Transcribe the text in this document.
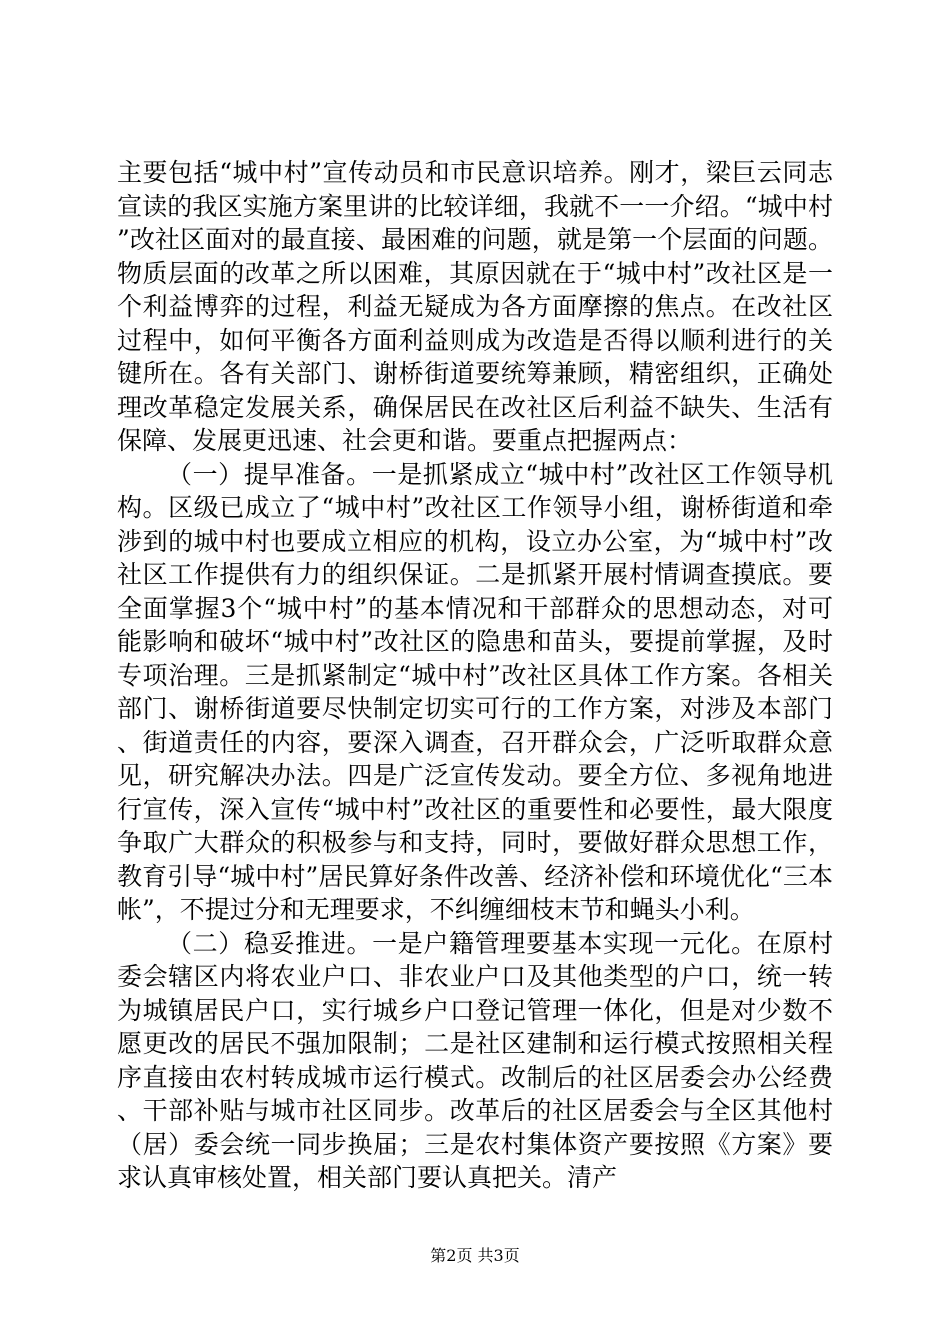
主要包括“城中村”宣传动员和市民意识培养。刚才，梁巨云同志宣读的我区实施方案里讲的比较详细，我就不一一介绍。“城中村”改社区面对的最直接、最困难的问题，就是第一个层面的问题。物质层面的改革之所以困难，其原因就在于“城中村”改社区是一个利益博弈的过程，利益无疑成为各方面摩擦的焦点。在改社区过程中，如何平衡各方面利益则成为改造是否得以顺利进行的关键所在。各有关部门、谢桥街道要统筹兼顾，精密组织，正确处理改革稳定发展关系，确保居民在改社区后利益不缺失、生活有保障、发展更迅速、社会更和谐。要重点把握两点：

（一）提早准备。一是抓紧成立“城中村”改社区工作领导机构。区级已成立了“城中村”改社区工作领导小组，谢桥街道和牵涉到的城中村也要成立相应的机构，设立办公室，为“城中村”改社区工作提供有力的组织保证。二是抓紧开展村情调查摸底。要全面掌握3个“城中村”的基本情况和干部群众的思想动态，对可能影响和破坏“城中村”改社区的隐患和苗头，要提前掌握，及时专项治理。三是抓紧制定“城中村”改社区具体工作方案。各相关部门、谢桥街道要尽快制定切实可行的工作方案，对涉及本部门、街道责任的内容，要深入调查，召开群众会，广泛听取群众意见，研究解决办法。四是广泛宣传发动。要全方位、多视角地进行宣传，深入宣传“城中村”改社区的重要性和必要性，最大限度争取广大群众的积极参与和支持，同时，要做好群众思想工作，教育引导“城中村”居民算好条件改善、经济补偿和环境优化“三本帐”，不提过分和无理要求，不纠缠细枝末节和蝇头小利。

（二）稳妥推进。一是户籍管理要基本实现一元化。在原村委会辖区内将农业户口、非农业户口及其他类型的户口，统一转为城镇居民户口，实行城乡户口登记管理一体化，但是对少数不愿更改的居民不强加限制；二是社区建制和运行模式按照相关程序直接由农村转成城市运行模式。改制后的社区居委会办公经费、干部补贴与城市社区同步。改革后的社区居委会与全区其他村（居）委会统一同步换届；三是农村集体资产要按照《方案》要求认真审核处置，相关部门要认真把关。清产

第2页 共3页
